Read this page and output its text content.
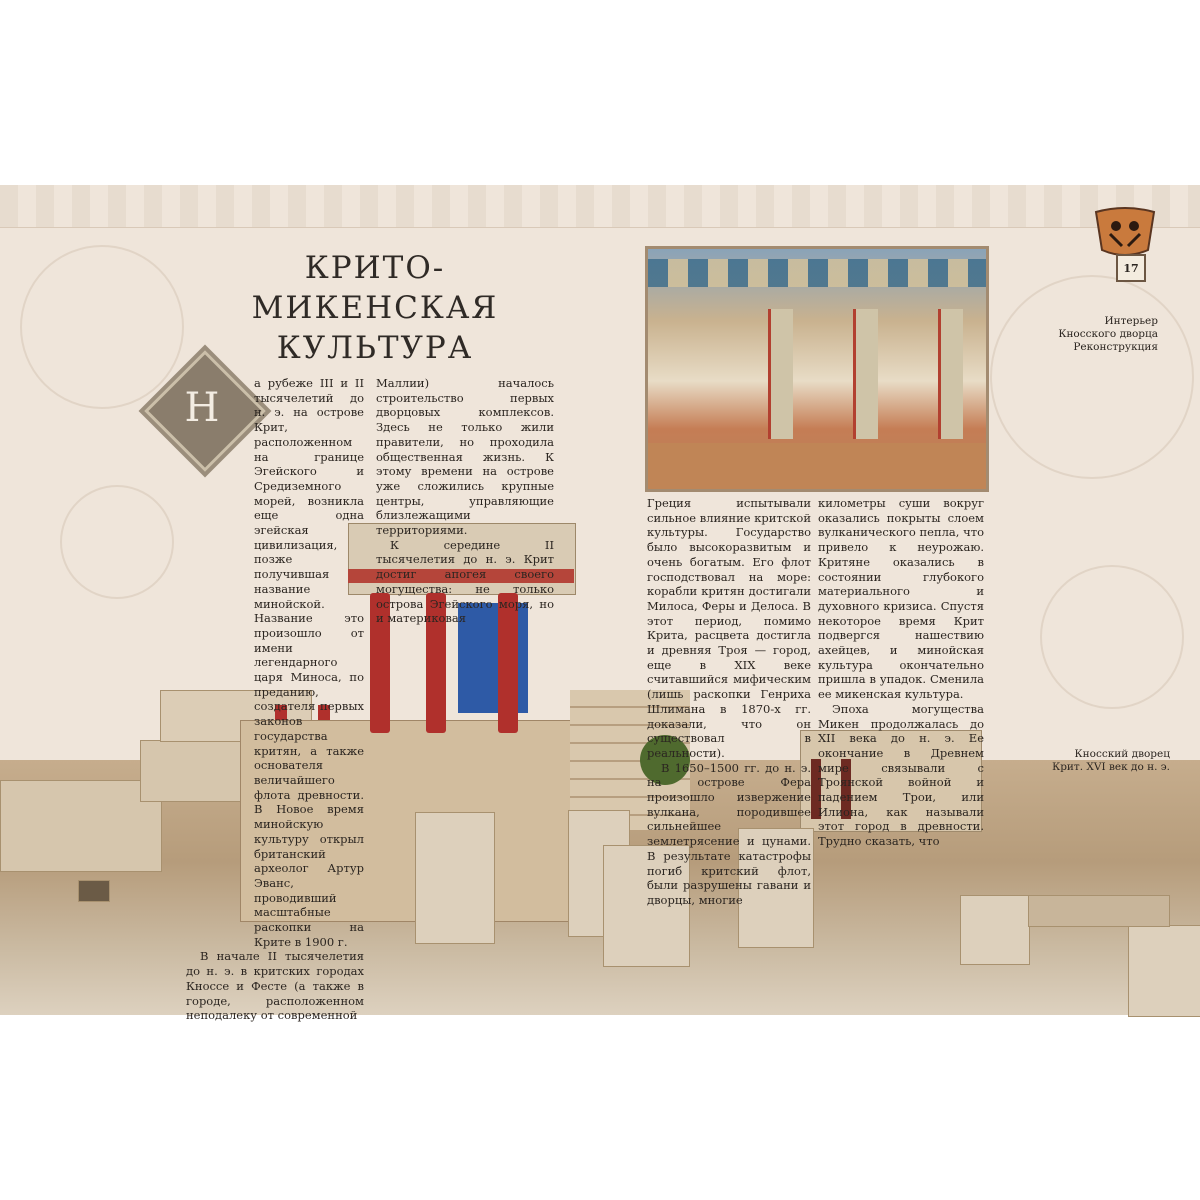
КРИТО-МИКЕНСКАЯ
КУЛЬТУРА
Н

а рубеже III и II тысячелетий до н. э. на острове Крит, расположенном на границе Эгейского и Средиземного морей, возникла еще одна эгейская цивилизация, позже получившая название минойской. Название это произошло от имени легендарного царя Миноса, по преданию, создателя первых законов государства критян, а также основателя величайшего флота древности. В Новое время минойскую культуру открыл британский археолог Артур Эванс, проводивший масштабные раскопки на Крите в 1900 г.

В начале II тысячелетия до н. э. в критских городах Кноссе и Фесте (а также в городе, расположенном неподалеку от современной

Маллии) началось строительство первых дворцовых комплексов. Здесь не только жили правители, но проходила общественная жизнь. К этому времени на острове уже сложились крупные центры, управляющие близлежащими территориями.

К середине II тысячелетия до н. э. Крит достиг апогея своего могущества: не только острова Эгейского моря, но и материковая

Греция испытывали сильное влияние критской культуры. Государство было высокоразвитым и очень богатым. Его флот господствовал на море: корабли критян достигали Милоса, Феры и Делоса. В этот период, помимо Крита, расцвета достигла и древняя Троя — город, еще в XIX веке считавшийся мифическим (лишь раскопки Генриха Шлимана в 1870-х гг. доказали, что он существовал в реальности).

В 1650–1500 гг. до н. э. на острове Фера произошло извержение вулкана, породившее сильнейшее землетрясение и цунами. В результате катастрофы погиб критский флот, были разрушены гавани и дворцы, многие

километры суши вокруг оказались покрыты слоем вулканического пепла, что привело к неурожаю. Критяне оказались в состоянии глубокого материального и духовного кризиса. Спустя некоторое время Крит подвергся нашествию ахейцев, и минойская культура окончательно пришла в упадок. Сменила ее микенская культура.

Эпоха могущества Микен продолжалась до XII века до н. э. Ее окончание в Древнем мире связывали с Троянской войной и падением Трои, или Илиона, как называли этот город в древности. Трудно сказать, что

17
Интерьер
Кносского дворца
Реконструкция
Кносский дворец
Крит. XVI век до н. э.
